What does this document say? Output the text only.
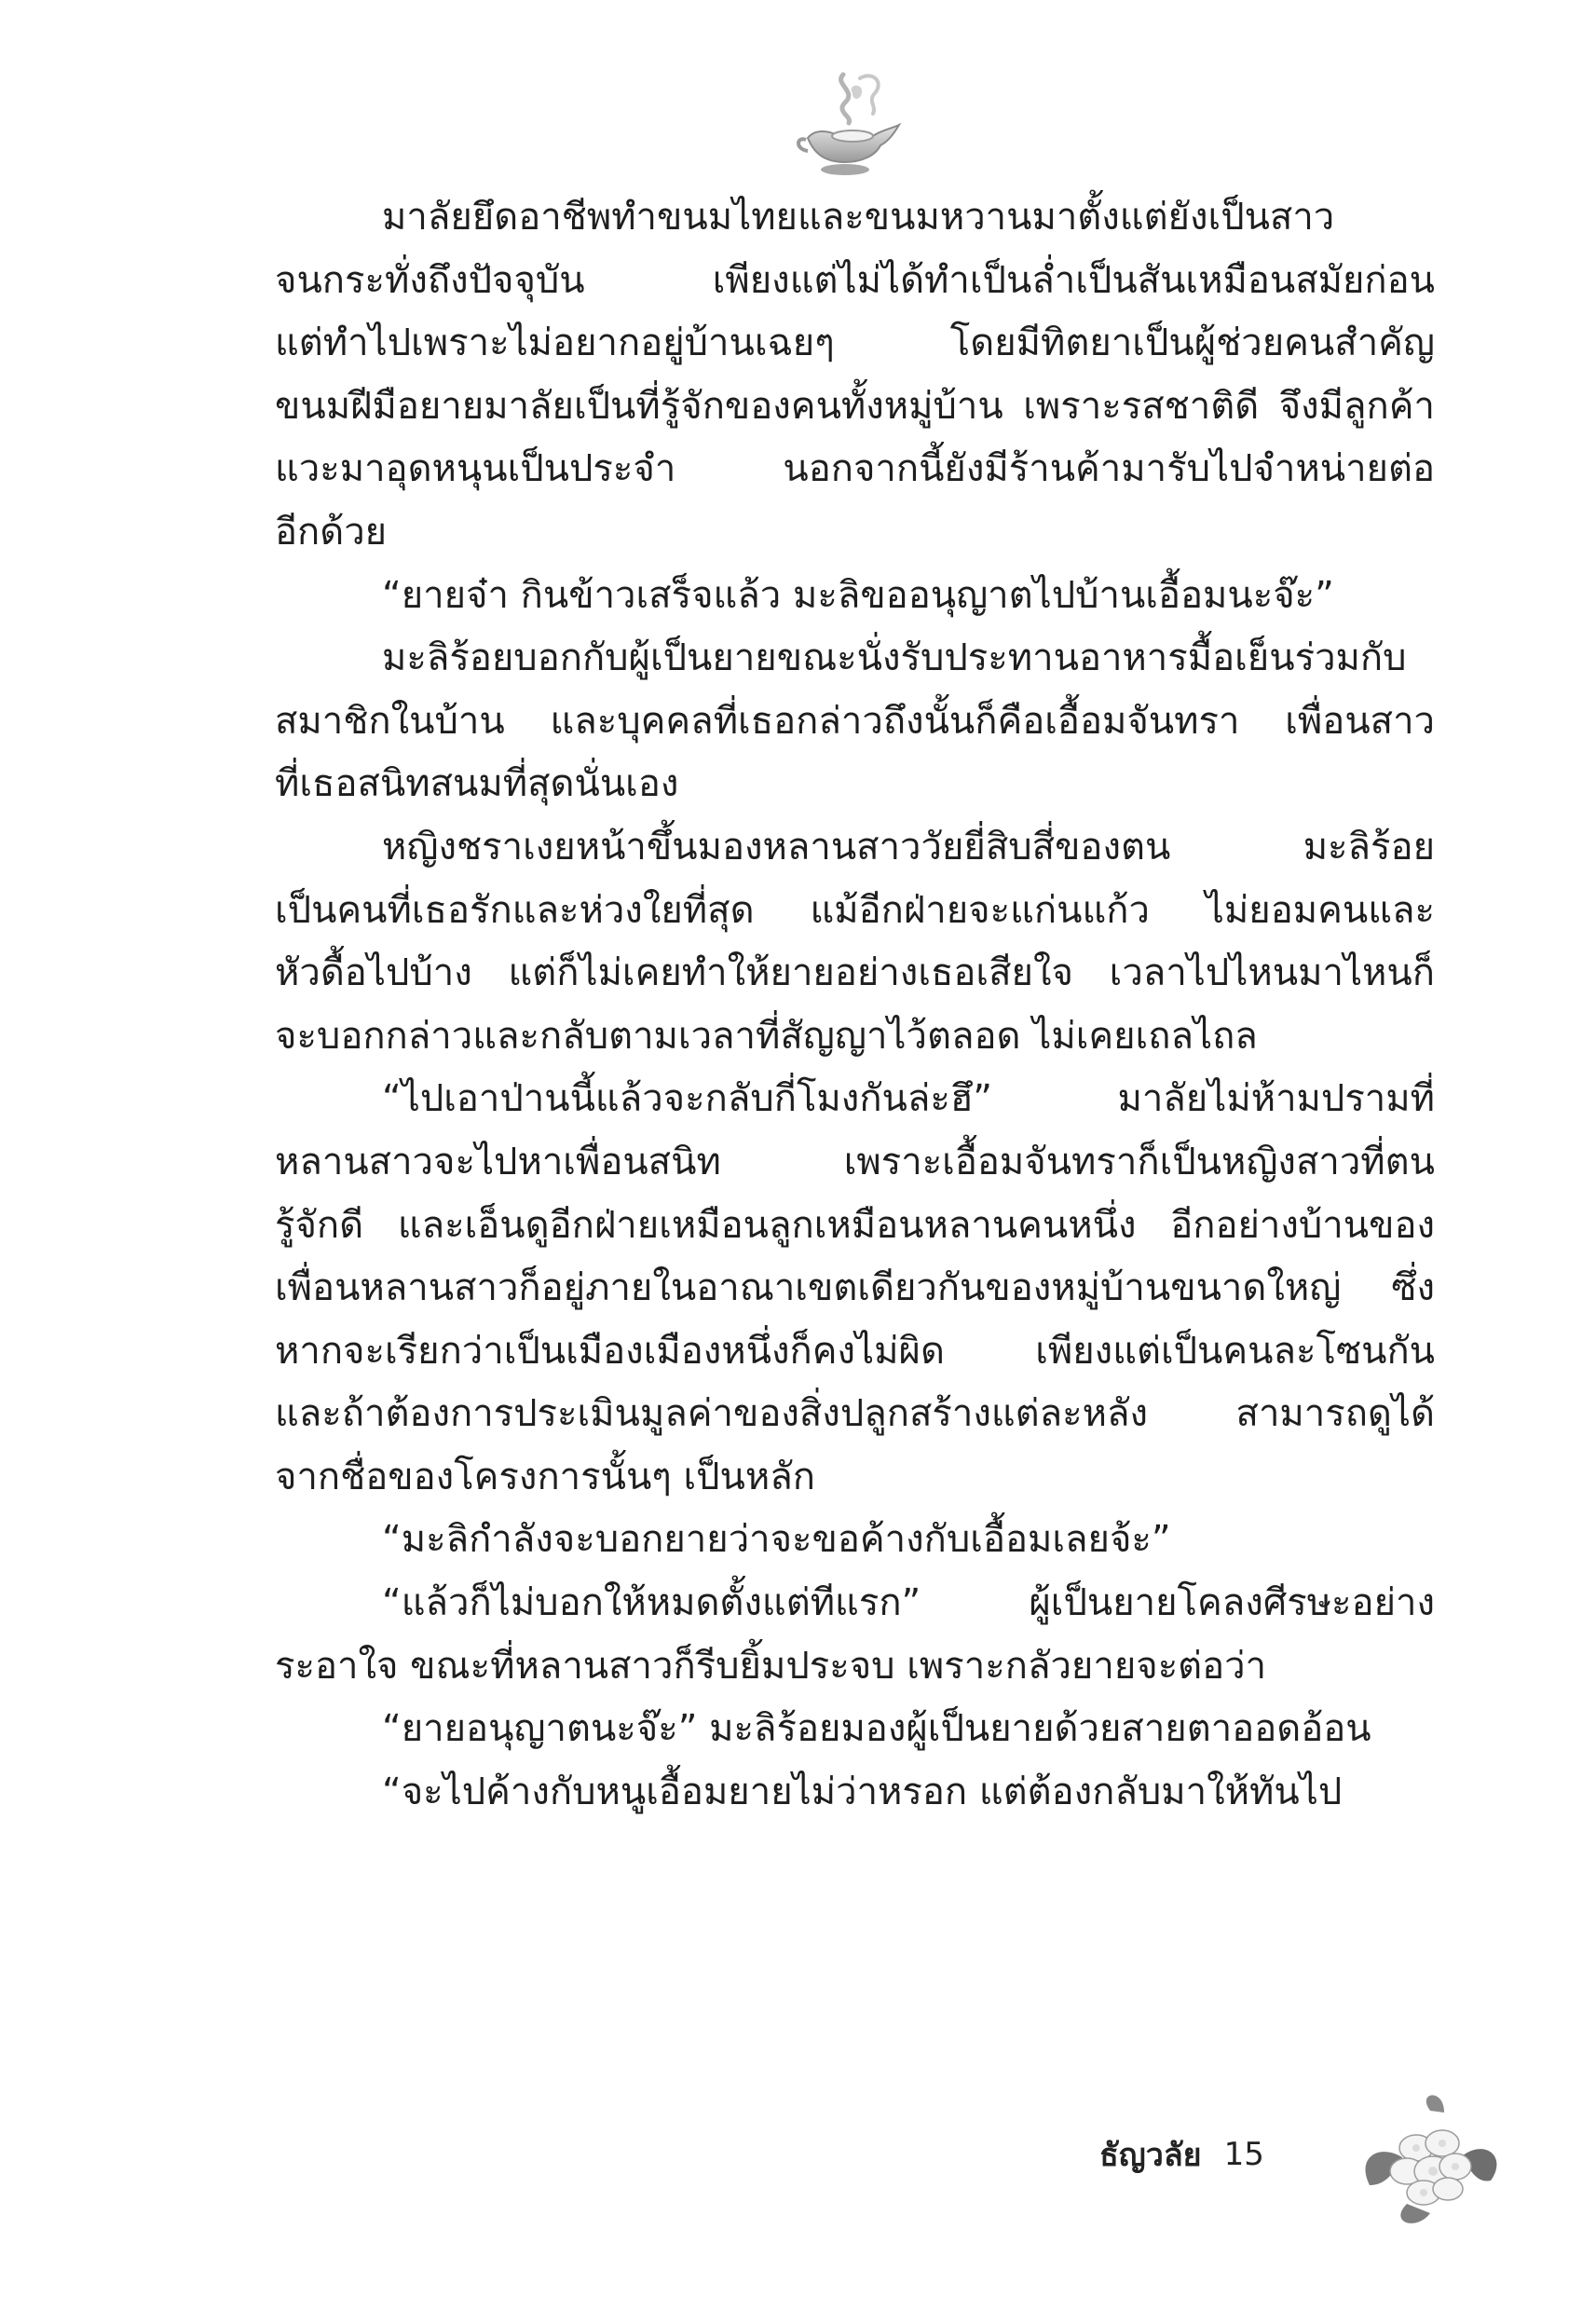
มาลัยยึดอาชีพทำขนมไทยและขนมหวานมาตั้งแต่ยังเป็นสาว
จนกระทั่งถึงปัจจุบัน เพียงแต่ไม่ได้ทำเป็นล่ำเป็นสันเหมือนสมัยก่อน
แต่ทำไปเพราะไม่อยากอยู่บ้านเฉยๆ โดยมีทิตยาเป็นผู้ช่วยคนสำคัญ
ขนมฝีมือยายมาลัยเป็นที่รู้จักของคนทั้งหมู่บ้าน เพราะรสชาติดี จึงมีลูกค้า
แวะมาอุดหนุนเป็นประจำ นอกจากนี้ยังมีร้านค้ามารับไปจำหน่ายต่อ
อีกด้วย
“ยายจ๋า กินข้าวเสร็จแล้ว มะลิขออนุญาตไปบ้านเอื้อมนะจ๊ะ”
มะลิร้อยบอกกับผู้เป็นยายขณะนั่งรับประทานอาหารมื้อเย็นร่วมกับ
สมาชิกในบ้าน และบุคคลที่เธอกล่าวถึงนั้นก็คือเอื้อมจันทรา เพื่อนสาว
ที่เธอสนิทสนมที่สุดนั่นเอง
หญิงชราเงยหน้าขึ้นมองหลานสาววัยยี่สิบสี่ของตน มะลิร้อย
เป็นคนที่เธอรักและห่วงใยที่สุด แม้อีกฝ่ายจะแก่นแก้ว ไม่ยอมคนและ
หัวดื้อไปบ้าง แต่ก็ไม่เคยทำให้ยายอย่างเธอเสียใจ เวลาไปไหนมาไหนก็
จะบอกกล่าวและกลับตามเวลาที่สัญญาไว้ตลอด ไม่เคยเถลไถล
“ไปเอาป่านนี้แล้วจะกลับกี่โมงกันล่ะฮึ” มาลัยไม่ห้ามปรามที่
หลานสาวจะไปหาเพื่อนสนิท เพราะเอื้อมจันทราก็เป็นหญิงสาวที่ตน
รู้จักดี และเอ็นดูอีกฝ่ายเหมือนลูกเหมือนหลานคนหนึ่ง อีกอย่างบ้านของ
เพื่อนหลานสาวก็อยู่ภายในอาณาเขตเดียวกันของหมู่บ้านขนาดใหญ่ ซึ่ง
หากจะเรียกว่าเป็นเมืองเมืองหนึ่งก็คงไม่ผิด เพียงแต่เป็นคนละโซนกัน
และถ้าต้องการประเมินมูลค่าของสิ่งปลูกสร้างแต่ละหลัง สามารถดูได้
จากชื่อของโครงการนั้นๆ เป็นหลัก
“มะลิกำลังจะบอกยายว่าจะขอค้างกับเอื้อมเลยจ้ะ”
“แล้วก็ไม่บอกให้หมดตั้งแต่ทีแรก” ผู้เป็นยายโคลงศีรษะอย่าง
ระอาใจ ขณะที่หลานสาวก็รีบยิ้มประจบ เพราะกลัวยายจะต่อว่า
“ยายอนุญาตนะจ๊ะ” มะลิร้อยมองผู้เป็นยายด้วยสายตาออดอ้อน
“จะไปค้างกับหนูเอื้อมยายไม่ว่าหรอก แต่ต้องกลับมาให้ทันไป
ธัญวลัย 15
